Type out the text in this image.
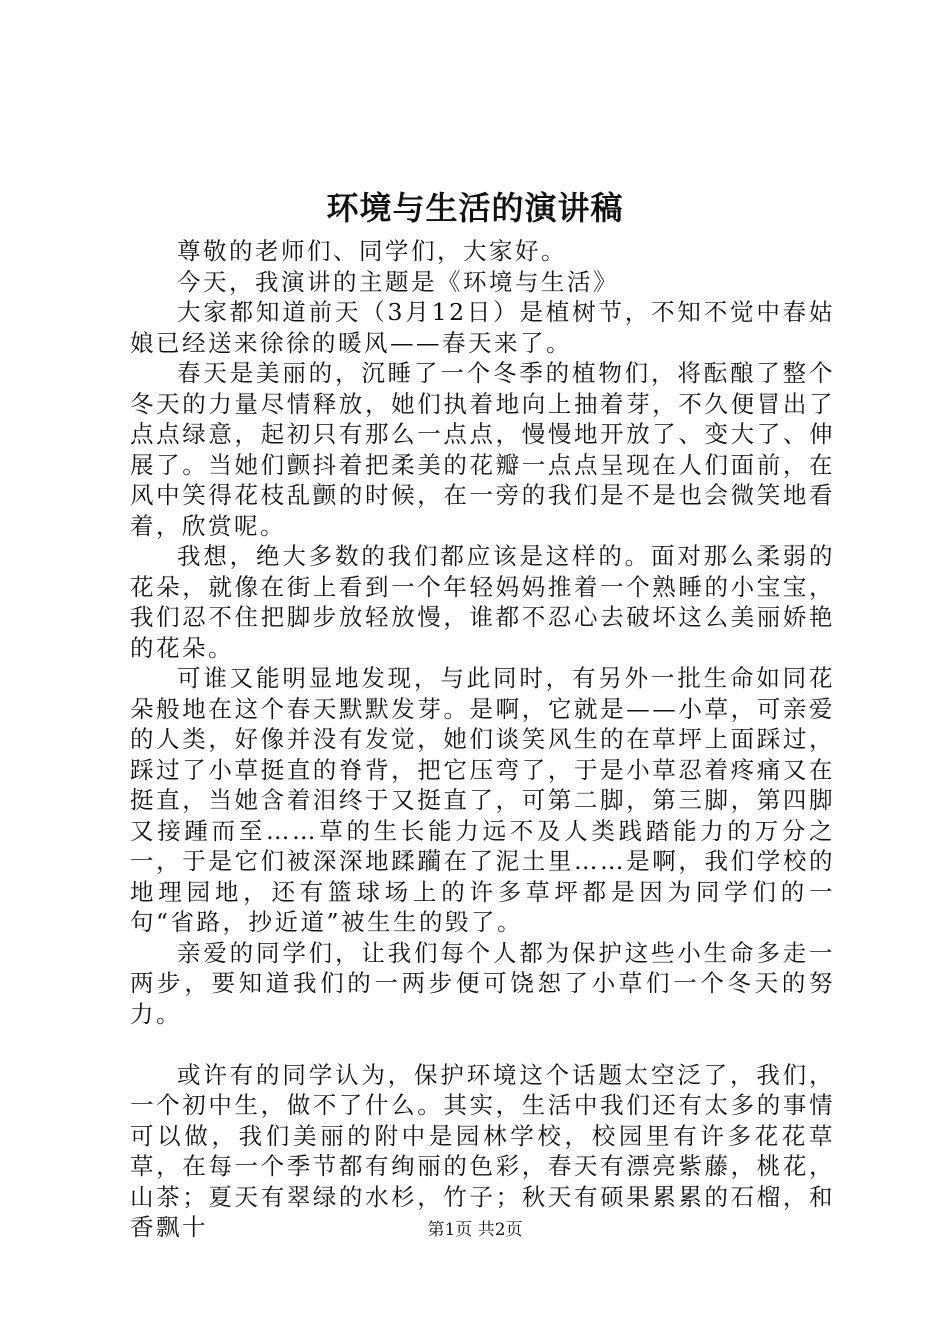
环境与生活的演讲稿

尊敬的老师们、同学们，大家好。

今天，我演讲的主题是《环境与生活》

大家都知道前天（3月12日）是植树节，不知不觉中春姑娘已经送来徐徐的暖风——春天来了。

春天是美丽的，沉睡了一个冬季的植物们，将酝酿了整个冬天的力量尽情释放，她们执着地向上抽着芽，不久便冒出了点点绿意，起初只有那么一点点，慢慢地开放了、变大了、伸展了。当她们颤抖着把柔美的花瓣一点点呈现在人们面前，在风中笑得花枝乱颤的时候，在一旁的我们是不是也会微笑地看着，欣赏呢。

我想，绝大多数的我们都应该是这样的。面对那么柔弱的花朵，就像在街上看到一个年轻妈妈推着一个熟睡的小宝宝，我们忍不住把脚步放轻放慢，谁都不忍心去破坏这么美丽娇艳的花朵。

可谁又能明显地发现，与此同时，有另外一批生命如同花朵般地在这个春天默默发芽。是啊，它就是——小草，可亲爱的人类，好像并没有发觉，她们谈笑风生的在草坪上面踩过，踩过了小草挺直的脊背，把它压弯了，于是小草忍着疼痛又在挺直，当她含着泪终于又挺直了，可第二脚，第三脚，第四脚又接踵而至……草的生长能力远不及人类践踏能力的万分之一，于是它们被深深地蹂躏在了泥土里……是啊，我们学校的地理园地，还有篮球场上的许多草坪都是因为同学们的一句“省路，抄近道”被生生的毁了。

亲爱的同学们，让我们每个人都为保护这些小生命多走一两步，要知道我们的一两步便可饶恕了小草们一个冬天的努力。

或许有的同学认为，保护环境这个话题太空泛了，我们，一个初中生，做不了什么。其实，生活中我们还有太多的事情可以做，我们美丽的附中是园林学校，校园里有许多花花草草，在每一个季节都有绚丽的色彩，春天有漂亮紫藤，桃花，山茶；夏天有翠绿的水杉，竹子；秋天有硕果累累的石榴，和香飘十	第1页 共2页
